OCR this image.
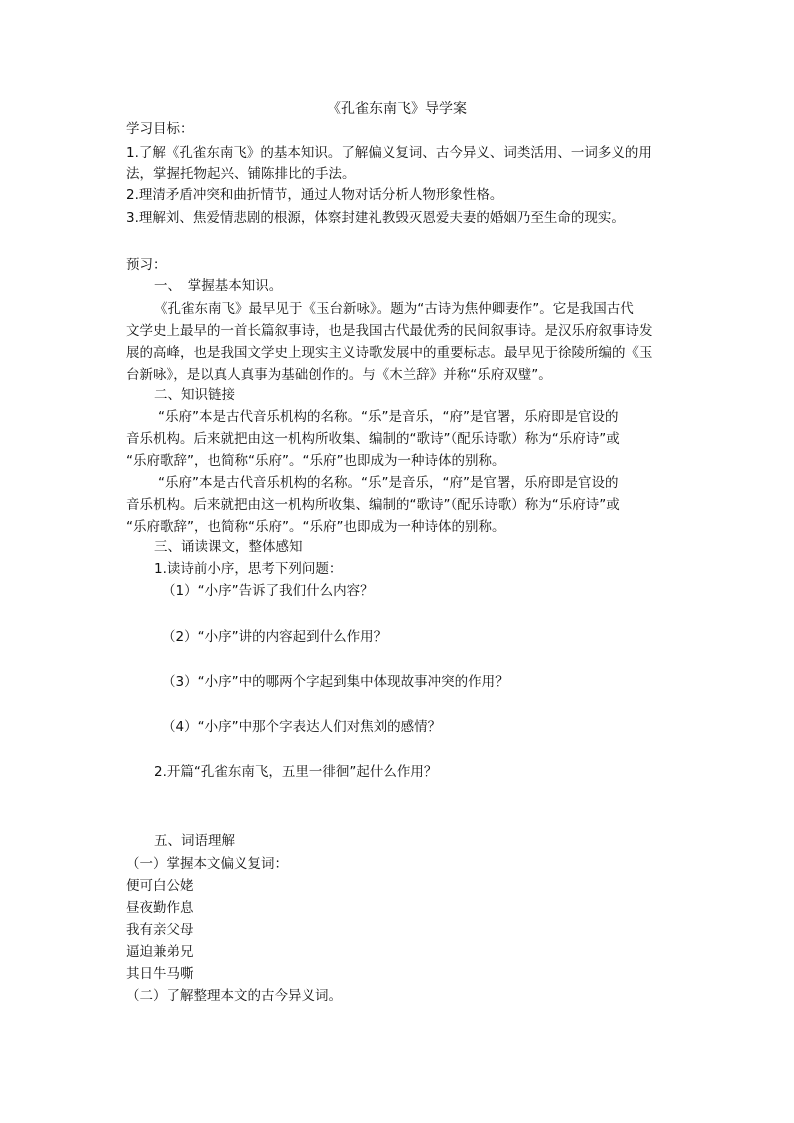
《孔雀东南飞》导学案
学习目标：
1.了解《孔雀东南飞》的基本知识。了解偏义复词、古今异义、词类活用、一词多义的用
法，掌握托物起兴、铺陈排比的手法。
2.理清矛盾冲突和曲折情节，通过人物对话分析人物形象性格。
3.理解刘、焦爱情悲剧的根源，体察封建礼教毁灭恩爱夫妻的婚姻乃至生命的现实。
预习：
一、　掌握基本知识。
《孔雀东南飞》最早见于《玉台新咏》。题为“古诗为焦仲卿妻作”。它是我国古代
文学史上最早的一首长篇叙事诗，也是我国古代最优秀的民间叙事诗。是汉乐府叙事诗发
展的高峰，也是我国文学史上现实主义诗歌发展中的重要标志。最早见于徐陵所编的《玉
台新咏》，是以真人真事为基础创作的。与《木兰辞》并称“乐府双璧”。
二、知识链接
“乐府”本是古代音乐机构的名称。“乐”是音乐，“府”是官署，乐府即是官设的
音乐机构。后来就把由这一机构所收集、编制的“歌诗”（配乐诗歌）称为“乐府诗”或
“乐府歌辞”，也简称“乐府”。“乐府”也即成为一种诗体的别称。
“乐府”本是古代音乐机构的名称。“乐”是音乐，“府”是官署，乐府即是官设的
音乐机构。后来就把由这一机构所收集、编制的“歌诗”（配乐诗歌）称为“乐府诗”或
“乐府歌辞”，也简称“乐府”。“乐府”也即成为一种诗体的别称。
三、诵读课文，整体感知
1.读诗前小序，思考下列问题：
（1）“小序”告诉了我们什么内容？
（2）“小序”讲的内容起到什么作用？
（3）“小序”中的哪两个字起到集中体现故事冲突的作用？
（4）“小序”中那个字表达人们对焦刘的感情？
2.开篇“孔雀东南飞，五里一徘徊”起什么作用？
五、词语理解
（一）掌握本文偏义复词：
便可白公姥
昼夜勤作息
我有亲父母
逼迫兼弟兄
其日牛马嘶
（二）了解整理本文的古今异义词。
